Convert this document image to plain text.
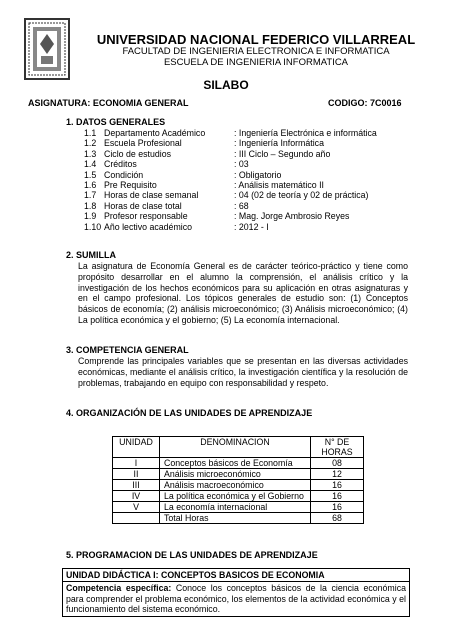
UNIVERSIDAD NACIONAL FEDERICO VILLARREAL
FACULTAD DE INGENIERIA ELECTRONICA E INFORMATICA
ESCUELA DE INGENIERIA INFORMATICA
SILABO
ASIGNATURA: ECONOMIA GENERAL	CODIGO: 7C0016
1. DATOS GENERALES
1.1 Departamento Académico	: Ingeniería Electrónica e informática
1.2 Escuela Profesional	: Ingeniería Informática
1.3 Ciclo de estudios	: III Ciclo – Segundo año
1.4 Créditos	: 03
1.5 Condición	: Obligatorio
1.6 Pre Requisito	: Análisis matemático II
1.7 Horas de clase semanal	: 04 (02 de teoría y 02 de práctica)
1.8 Horas de clase total	: 68
1.9 Profesor responsable	: Mag. Jorge Ambrosio Reyes
1.10 Año lectivo académico	: 2012 - I
2. SUMILLA
La asignatura de Economía General es de carácter teórico-práctico y tiene como propósito desarrollar en el alumno la comprensión, el análisis crítico y la investigación de los hechos económicos para su aplicación en otras asignaturas y en el campo profesional. Los tópicos generales de estudio son: (1) Conceptos básicos de economía; (2) análisis microeconómico; (3) Análisis microeconómico; (4) La política económica y el gobierno; (5) La economía internacional.
3. COMPETENCIA GENERAL
Comprende las principales variables que se presentan en las diversas actividades económicas, mediante el análisis crítico, la investigación científica y la resolución de problemas, trabajando en equipo con responsabilidad y respeto.
4. ORGANIZACIÓN DE LAS UNIDADES DE APRENDIZAJE
UNIDAD	DENOMINACION	N° DE HORAS
I	Conceptos básicos de Economía	08
II	Análisis microeconómico	12
III	Análisis macroeconómico	16
IV	La política económica y el Gobierno	16
V	La economía internacional	16
	Total Horas	68
5. PROGRAMACION DE LAS UNIDADES DE APRENDIZAJE
UNIDAD DIDÁCTICA I: CONCEPTOS BASICOS DE ECONOMIA
Competencia específica: Conoce los conceptos básicos de la ciencia económica para comprender el problema económico, los elementos de la actividad económica y el funcionamiento del sistema económico.
